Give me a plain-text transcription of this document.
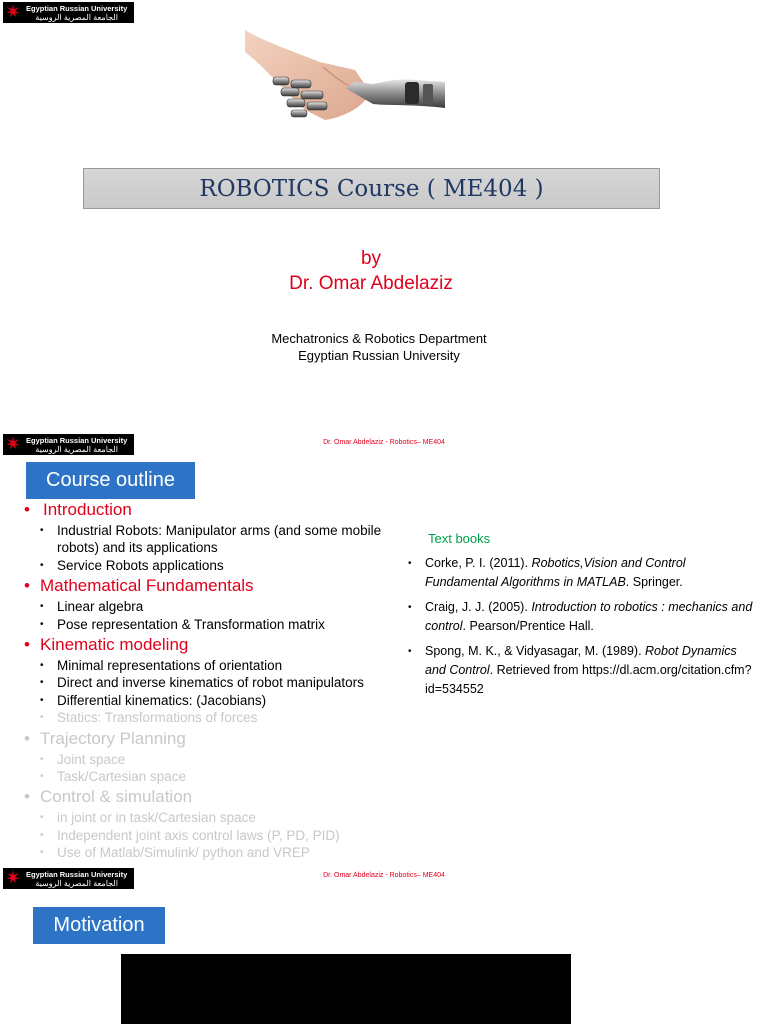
Egyptian Russian University
الجامعة المصرية الروسية
ROBOTICS Course ( ME404 )
by
Dr. Omar Abdelaziz
Mechatronics & Robotics Department
Egyptian Russian University
Egyptian Russian University
الجامعة المصرية الروسية
Dr. Omar Abdelaziz - Robotics– ME404
Course outline
• Introduction
• Industrial Robots: Manipulator arms (and some mobile robots) and its applications
• Service Robots applications
• Mathematical Fundamentals
• Linear algebra
• Pose representation & Transformation matrix
• Kinematic modeling
• Minimal representations of orientation
• Direct and inverse kinematics of robot manipulators
• Differential kinematics: (Jacobians)
• Statics: Transformations of forces
• Trajectory Planning
• Joint space
• Task/Cartesian space
• Control & simulation
• in joint or in task/Cartesian space
• Independent joint axis control laws (P, PD, PID)
• Use of Matlab/Simulink/ python and VREP
Text books
• Corke, P. I. (2011). Robotics,Vision and Control Fundamental Algorithms in MATLAB. Springer.
• Craig, J. J. (2005). Introduction to robotics : mechanics and control. Pearson/Prentice Hall.
• Spong, M. K., & Vidyasagar, M. (1989). Robot Dynamics and Control. Retrieved from https://dl.acm.org/citation.cfm?id=534552
Egyptian Russian University
الجامعة المصرية الروسية
Dr. Omar Abdelaziz - Robotics– ME404
Motivation
